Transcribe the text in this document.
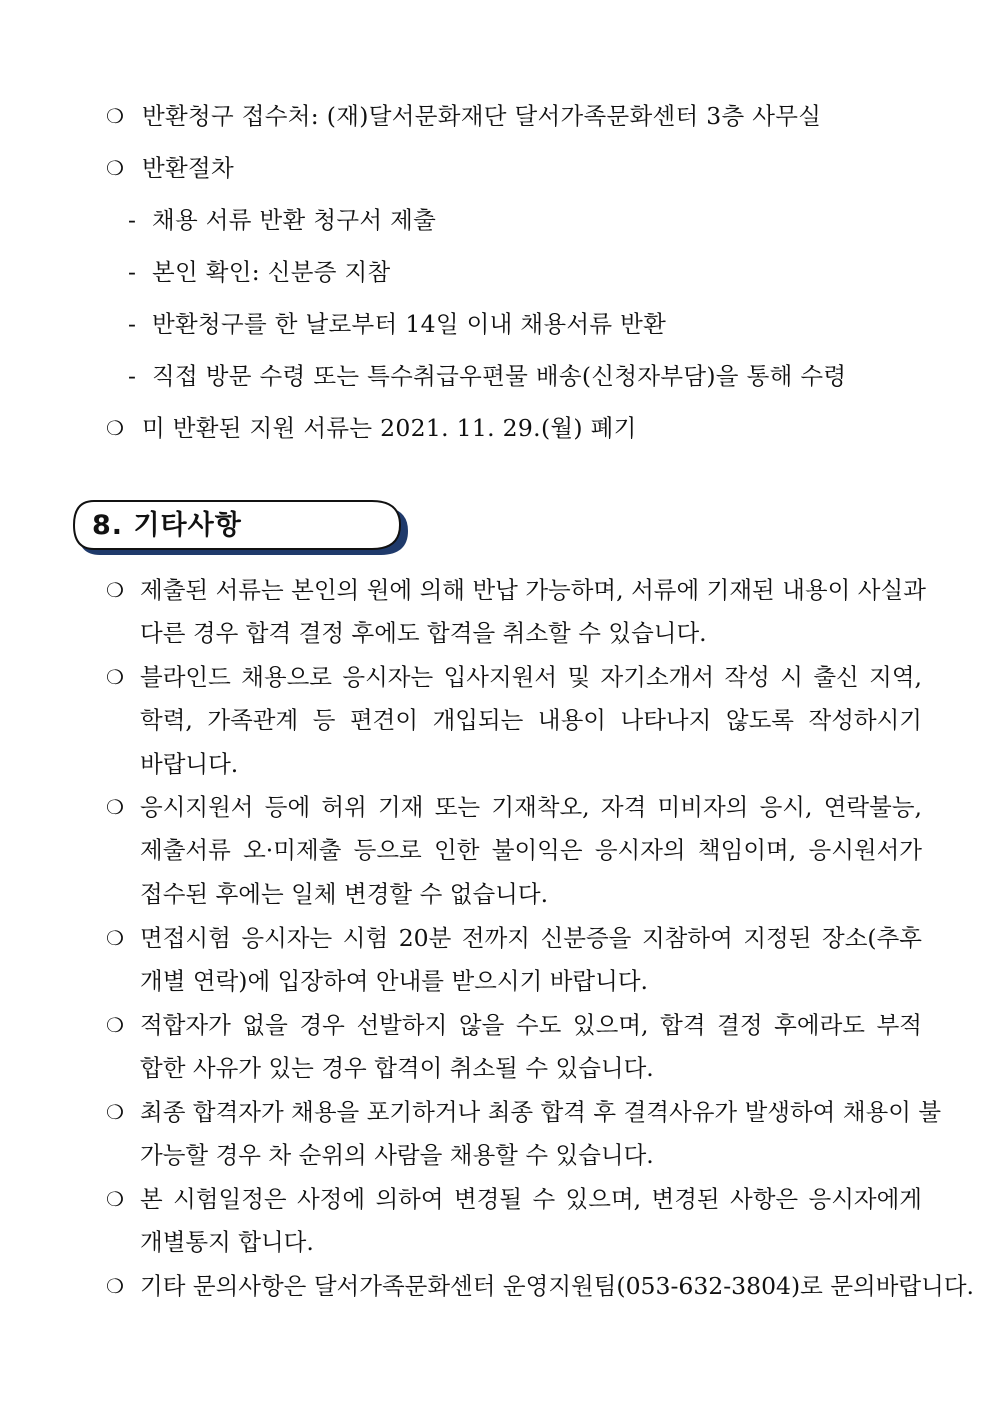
❍ 반환청구 접수처: (재)달서문화재단 달서가족문화센터 3층 사무실
❍ 반환절차
- 채용 서류 반환 청구서 제출
- 본인 확인: 신분증 지참
- 반환청구를 한 날로부터 14일 이내 채용서류 반환
- 직접 방문 수령 또는 특수취급우편물 배송(신청자부담)을 통해 수령
❍ 미 반환된 지원 서류는 2021. 11. 29.(월) 폐기
8. 기타사항
❍ 제출된 서류는 본인의 원에 의해 반납 가능하며, 서류에 기재된 내용이 사실과
다른 경우 합격 결정 후에도 합격을 취소할 수 있습니다.
❍ 블라인드 채용으로 응시자는 입사지원서 및 자기소개서 작성 시 출신 지역,
학력, 가족관계 등 편견이 개입되는 내용이 나타나지 않도록 작성하시기
바랍니다.
❍ 응시지원서 등에 허위 기재 또는 기재착오, 자격 미비자의 응시, 연락불능,
제출서류 오·미제출 등으로 인한 불이익은 응시자의 책임이며, 응시원서가
접수된 후에는 일체 변경할 수 없습니다.
❍ 면접시험 응시자는 시험 20분 전까지 신분증을 지참하여 지정된 장소(추후
개별 연락)에 입장하여 안내를 받으시기 바랍니다.
❍ 적합자가 없을 경우 선발하지 않을 수도 있으며, 합격 결정 후에라도 부적
합한 사유가 있는 경우 합격이 취소될 수 있습니다.
❍ 최종 합격자가 채용을 포기하거나 최종 합격 후 결격사유가 발생하여 채용이 불
가능할 경우 차 순위의 사람을 채용할 수 있습니다.
❍ 본 시험일정은 사정에 의하여 변경될 수 있으며, 변경된 사항은 응시자에게
개별통지 합니다.
❍ 기타 문의사항은 달서가족문화센터 운영지원팀(053-632-3804)로 문의바랍니다.
